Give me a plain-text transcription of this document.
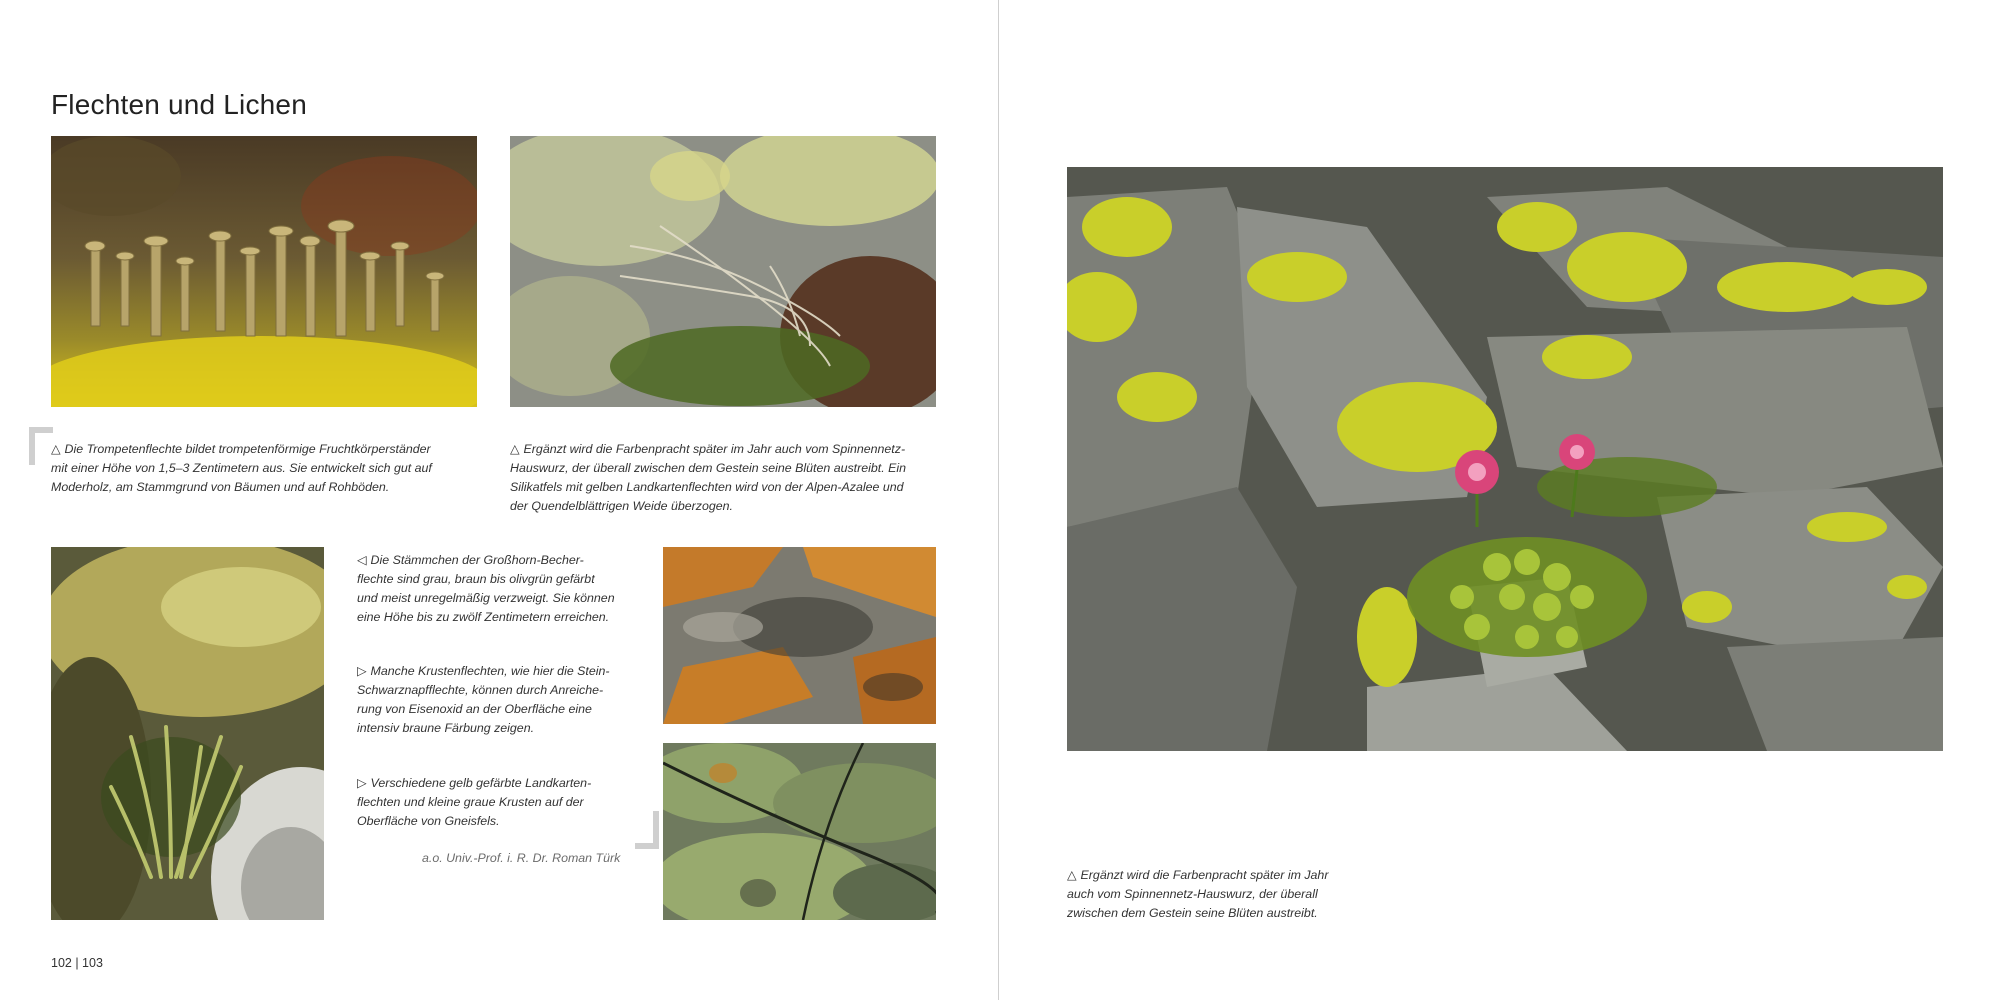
Flechten und Lichen

△ Die Trompetenflechte bildet trompetenförmige Fruchtkörperständer
mit einer Höhe von 1,5–3 Zentimetern aus. Sie entwickelt sich gut auf
Moderholz, am Stammgrund von Bäumen und auf Rohböden.

△ Ergänzt wird die Farbenpracht später im Jahr auch vom Spinnennetz-
Hauswurz, der überall zwischen dem Gestein seine Blüten austreibt. Ein
Silikatfels mit gelben Landkartenflechten wird von der Alpen-Azalee und
der Quendelblättrigen Weide überzogen.

◁ Die Stämmchen der Großhorn-Becher-
flechte sind grau, braun bis olivgrün gefärbt
und meist unregelmäßig verzweigt. Sie können
eine Höhe bis zu zwölf Zentimetern erreichen.

▷ Manche Krustenflechten, wie hier die Stein-
Schwarznapfflechte, können durch Anreiche-
rung von Eisenoxid an der Oberfläche eine
intensiv braune Färbung zeigen.

▷ Verschiedene gelb gefärbte Landkarten-
flechten und kleine graue Krusten auf der
Oberfläche von Gneisfels.

a.o. Univ.-Prof. i. R. Dr. Roman Türk
102 | 103

△ Ergänzt wird die Farbenpracht später im Jahr
auch vom Spinnennetz-Hauswurz, der überall
zwischen dem Gestein seine Blüten austreibt.
